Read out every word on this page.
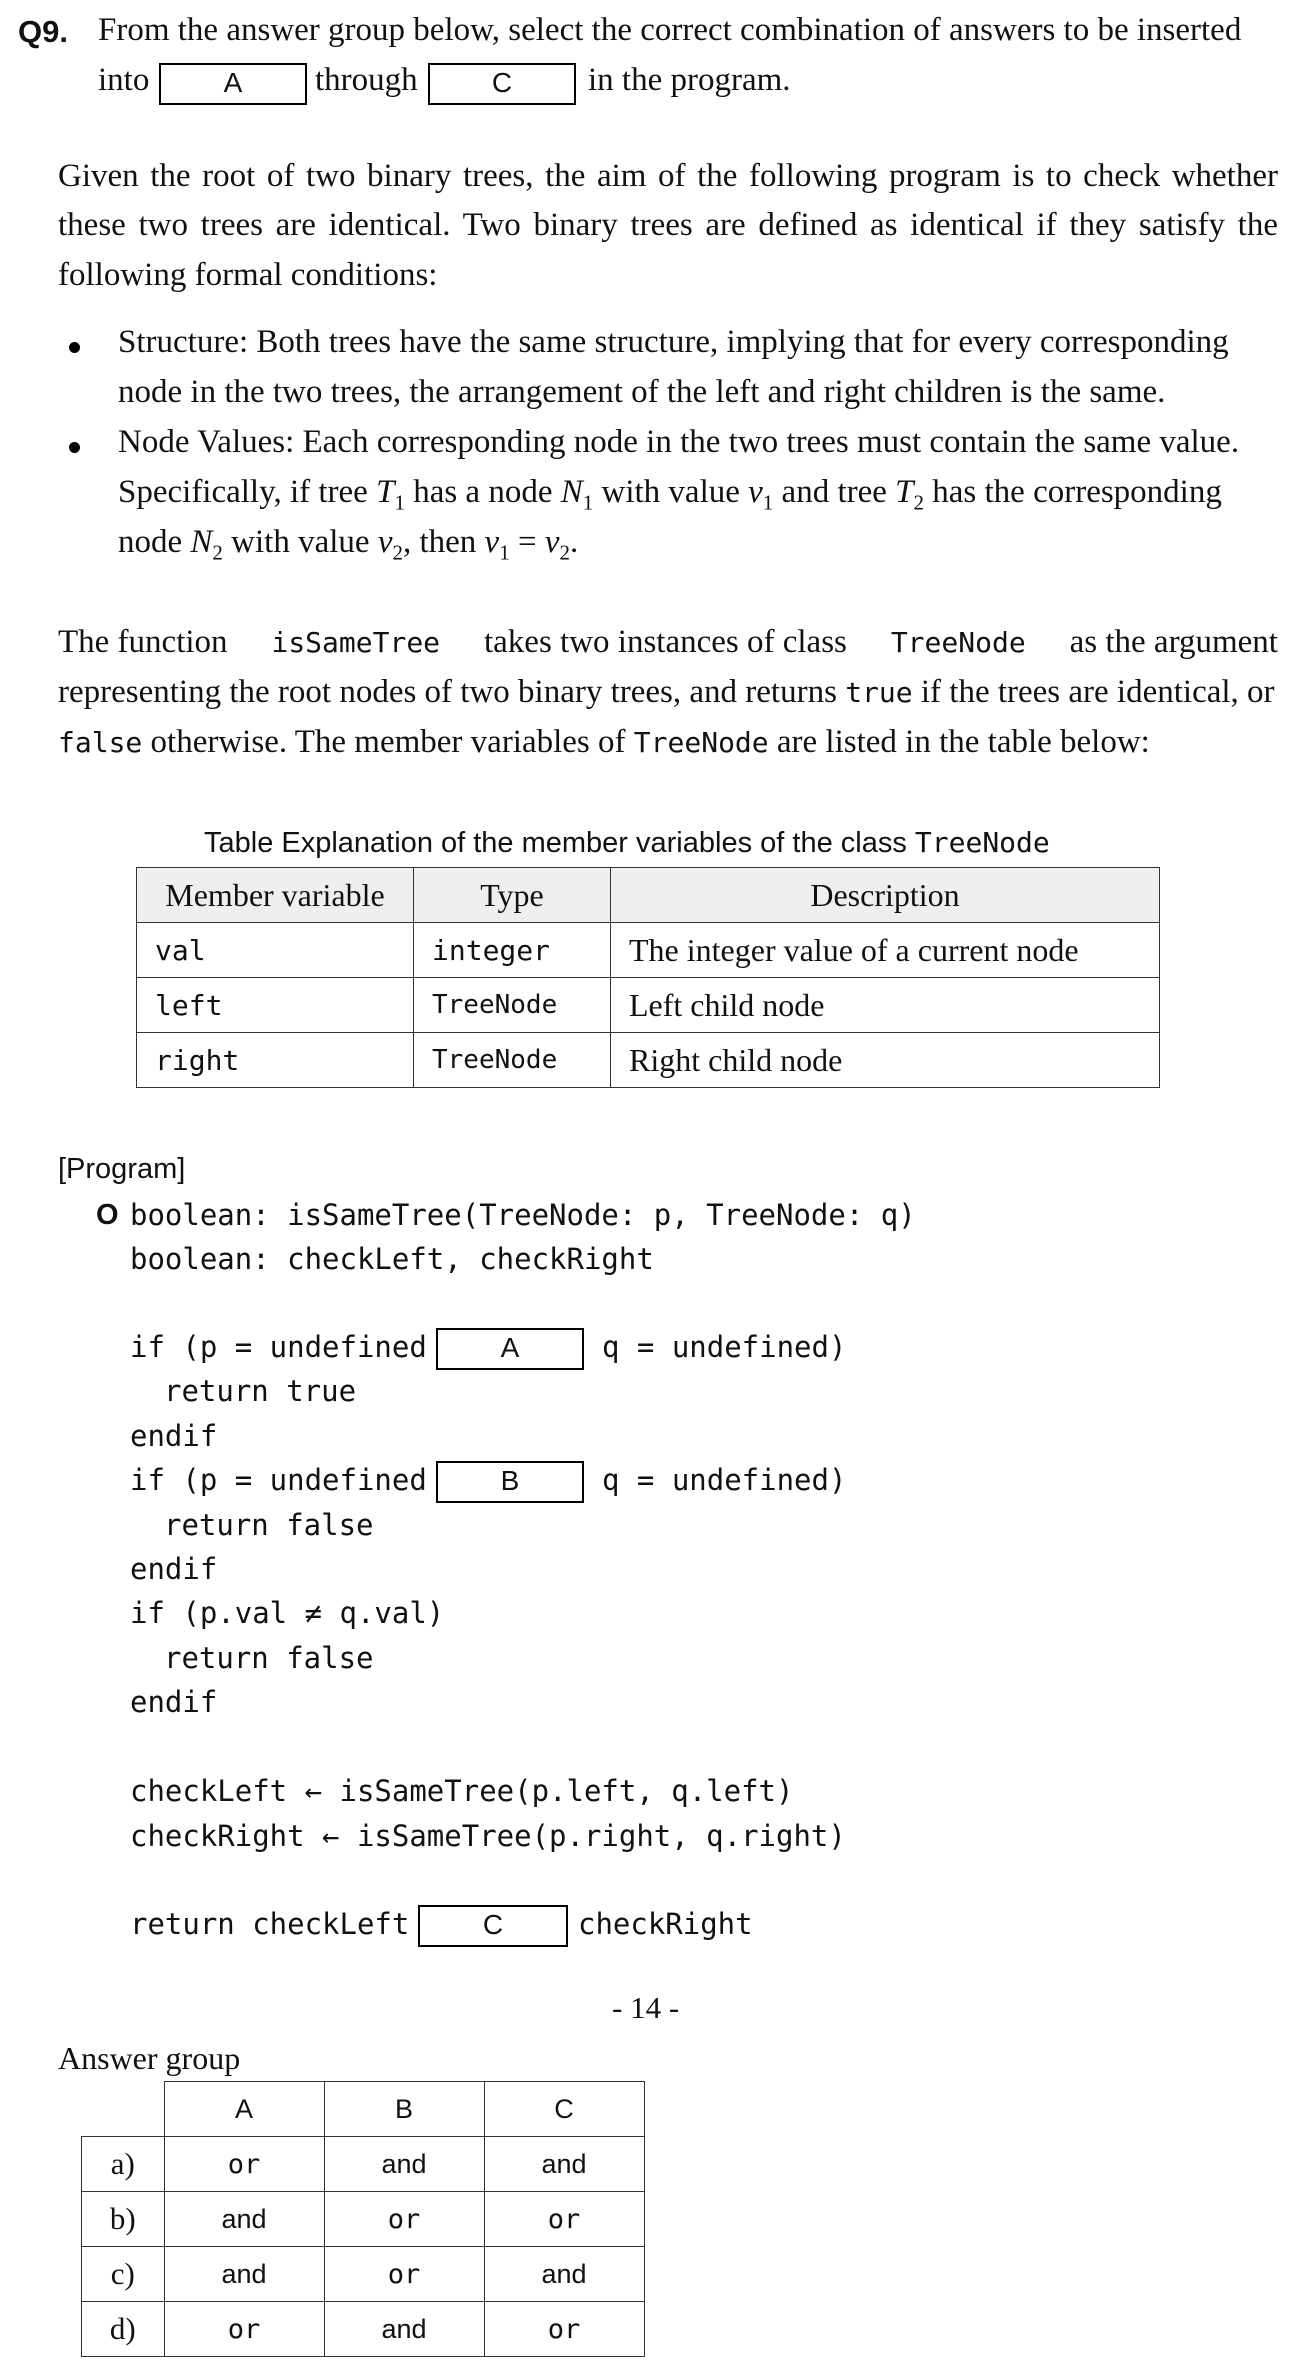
Q9. From the answer group below, select the correct combination of answers to be inserted
into	A	through	C	in the program.
Given the root of two binary trees, the aim of the following program is to check whether
these two trees are identical. Two binary trees are defined as identical if they satisfy the
following formal conditions:
Structure: Both trees have the same structure, implying that for every corresponding
node in the two trees, the arrangement of the left and right children is the same.
Node Values: Each corresponding node in the two trees must contain the same value.
Specifically, if tree $T_1$ has a node $N_1$ with value $v_1$ and tree $T_2$ has the corresponding
node $N_2$ with value $v_2$, then $v_1 = v_2$.
The function isSameTree takes two instances of class TreeNode as the argument
representing the root nodes of two binary trees, and returns true if the trees are identical, or
false otherwise. The member variables of TreeNode are listed in the table below:
Table Explanation of the member variables of the class TreeNode
Member variable	Type	Description
val	integer	The integer value of a current node
left	TreeNode	Left child node
right	TreeNode	Right child node
[Program]
O boolean: isSameTree(TreeNode: p, TreeNode: q)
boolean: checkLeft, checkRight
if (p = undefined	A	q = undefined)
return true
endif
if (p = undefined	B	q = undefined)
return false
endif
if (p.val ≠ q.val)
return false
endif
checkLeft ← isSameTree(p.left, q.left)
checkRight ← isSameTree(p.right, q.right)
return checkLeft	C	checkRight
- 14 -
Answer group
	A	B	C
a)	or	and	and
b)	and	or	or
c)	and	or	and
d)	or	and	or
